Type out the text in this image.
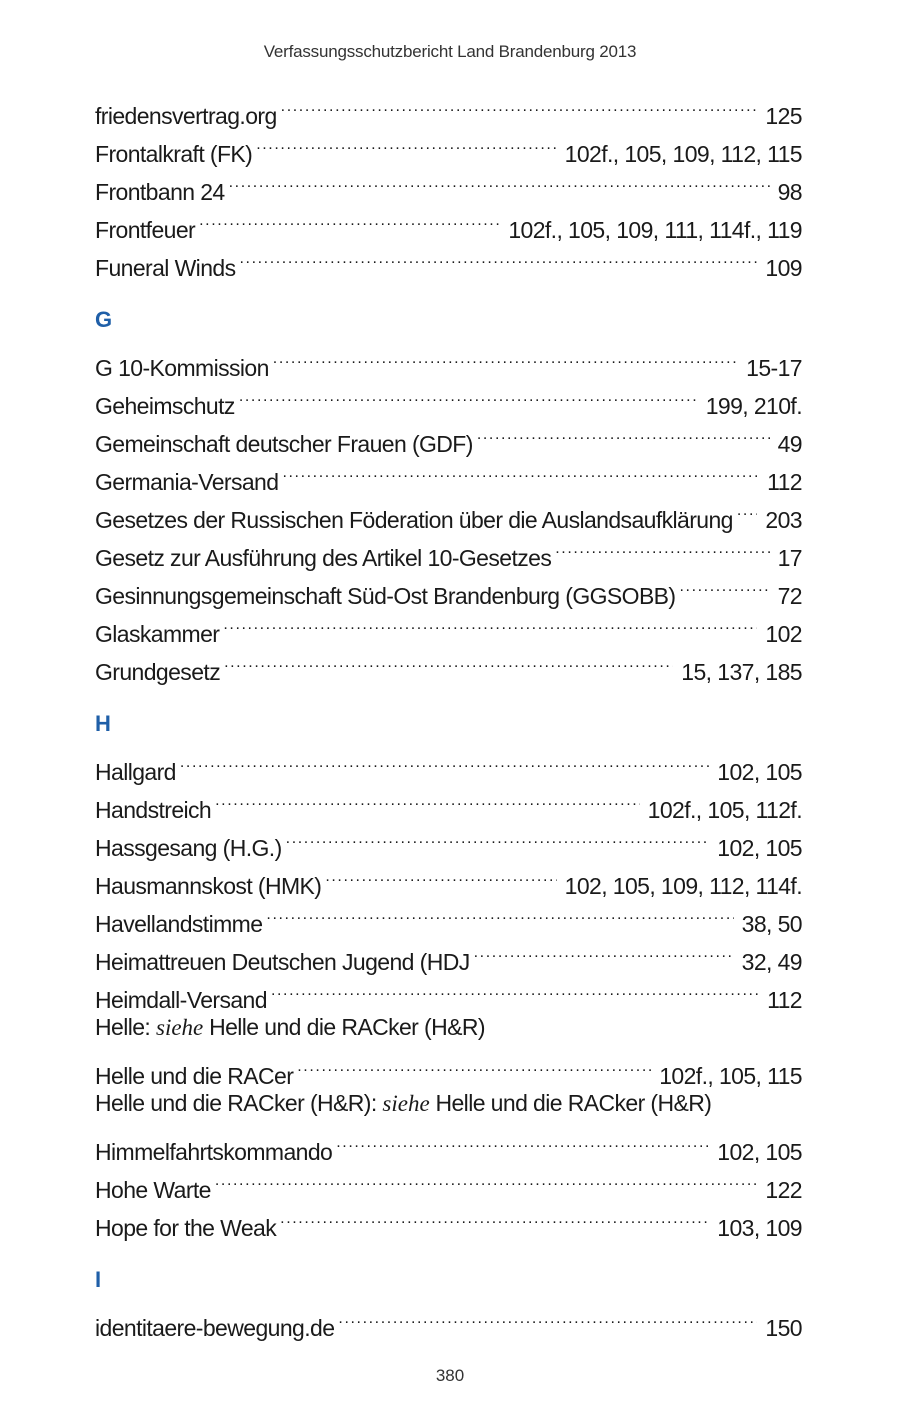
Verfassungsschutzbericht Land Brandenburg 2013
friedensvertrag.org .....	125
Frontalkraft (FK) .....	102f., 105, 109, 112, 115
Frontbann 24 .....	98
Frontfeuer .....	102f., 105, 109, 111, 114f., 119
Funeral Winds .....	109
G
G 10-Kommission .....	15-17
Geheimschutz .....	199, 210f.
Gemeinschaft deutscher Frauen (GDF) .....	49
Germania-Versand .....	112
Gesetzes der Russischen Föderation über die Auslandsaufklärung ..... 203
Gesetz zur Ausführung des Artikel 10-Gesetzes .....	17
Gesinnungsgemeinschaft Süd-Ost Brandenburg (GGSOBB) .....	72
Glaskammer .....	102
Grundgesetz .....	15, 137, 185
H
Hallgard .....	102, 105
Handstreich .....	102f., 105, 112f.
Hassgesang (H.G.) .....	102, 105
Hausmannskost (HMK) .....	102, 105, 109, 112, 114f.
Havellandstimme .....	38, 50
Heimattreuen Deutschen Jugend (HDJ .....	32, 49
Heimdall-Versand .....	112
Helle:
siehe
Helle und die RACker (H&R)
Helle und die RACer .....	102f., 105, 115
Helle und die RACker (H&R):
siehe
Helle und die RACker (H&R)
Himmelfahrtskommando .....	102, 105
Hohe Warte .....	122
Hope for the Weak .....	103, 109
I
identitaere-bewegung.de .....	150
380
